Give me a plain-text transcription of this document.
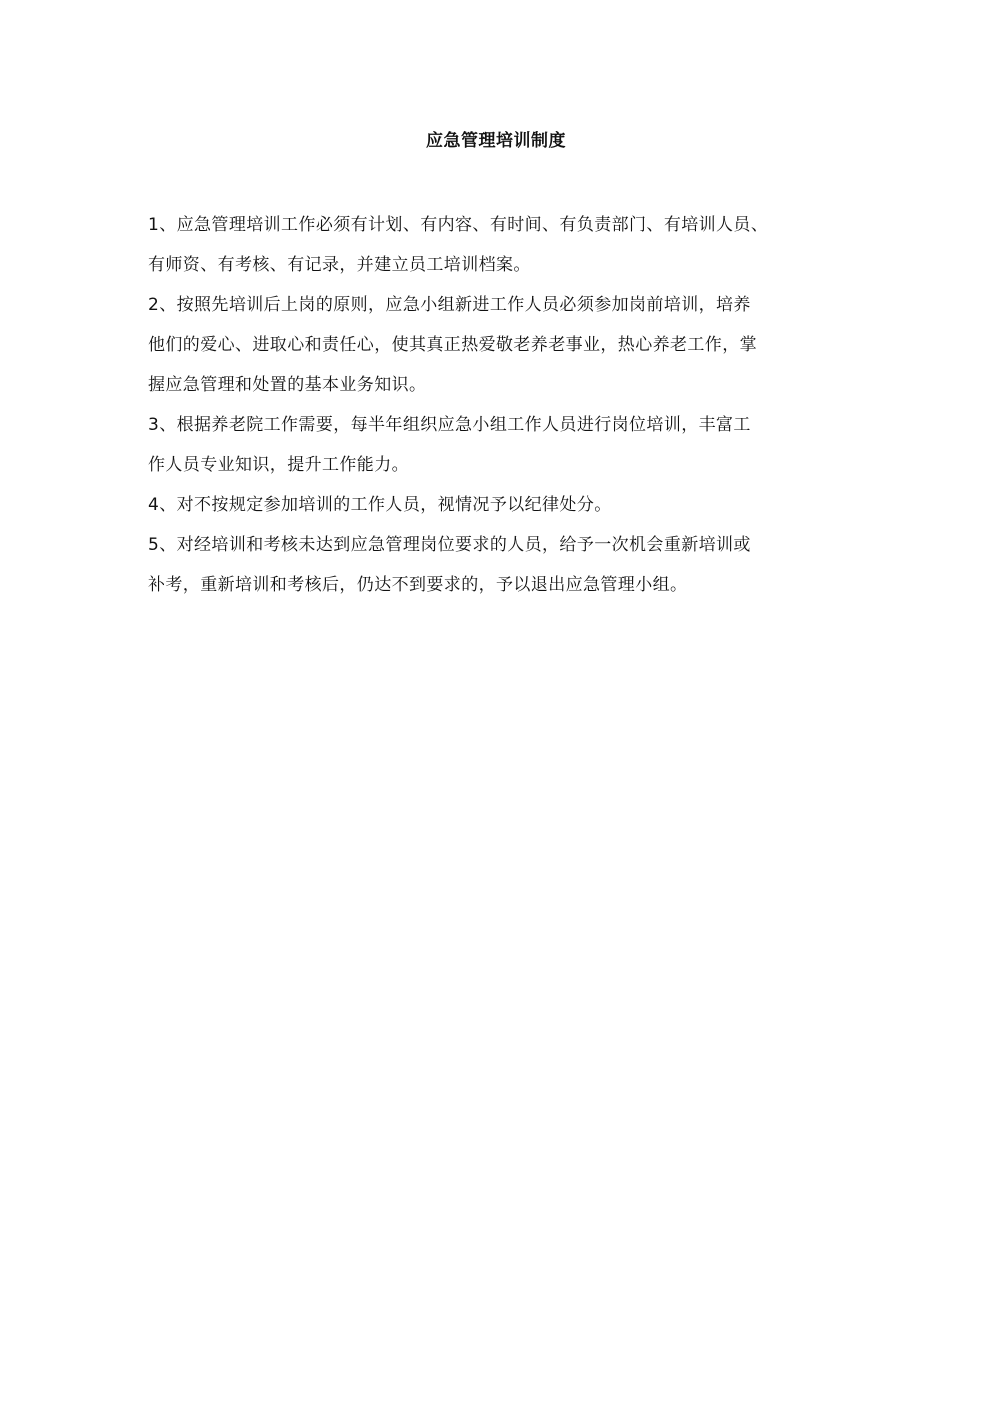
应急管理培训制度
1、应急管理培训工作必须有计划、有内容、有时间、有负责部门、有培训人员、
有师资、有考核、有记录，并建立员工培训档案。
2、按照先培训后上岗的原则，应急小组新进工作人员必须参加岗前培训，培养
他们的爱心、进取心和责任心，使其真正热爱敬老养老事业，热心养老工作，掌
握应急管理和处置的基本业务知识。
3、根据养老院工作需要，每半年组织应急小组工作人员进行岗位培训，丰富工
作人员专业知识，提升工作能力。
4、对不按规定参加培训的工作人员，视情况予以纪律处分。
5、对经培训和考核未达到应急管理岗位要求的人员，给予一次机会重新培训或
补考，重新培训和考核后，仍达不到要求的，予以退出应急管理小组。
